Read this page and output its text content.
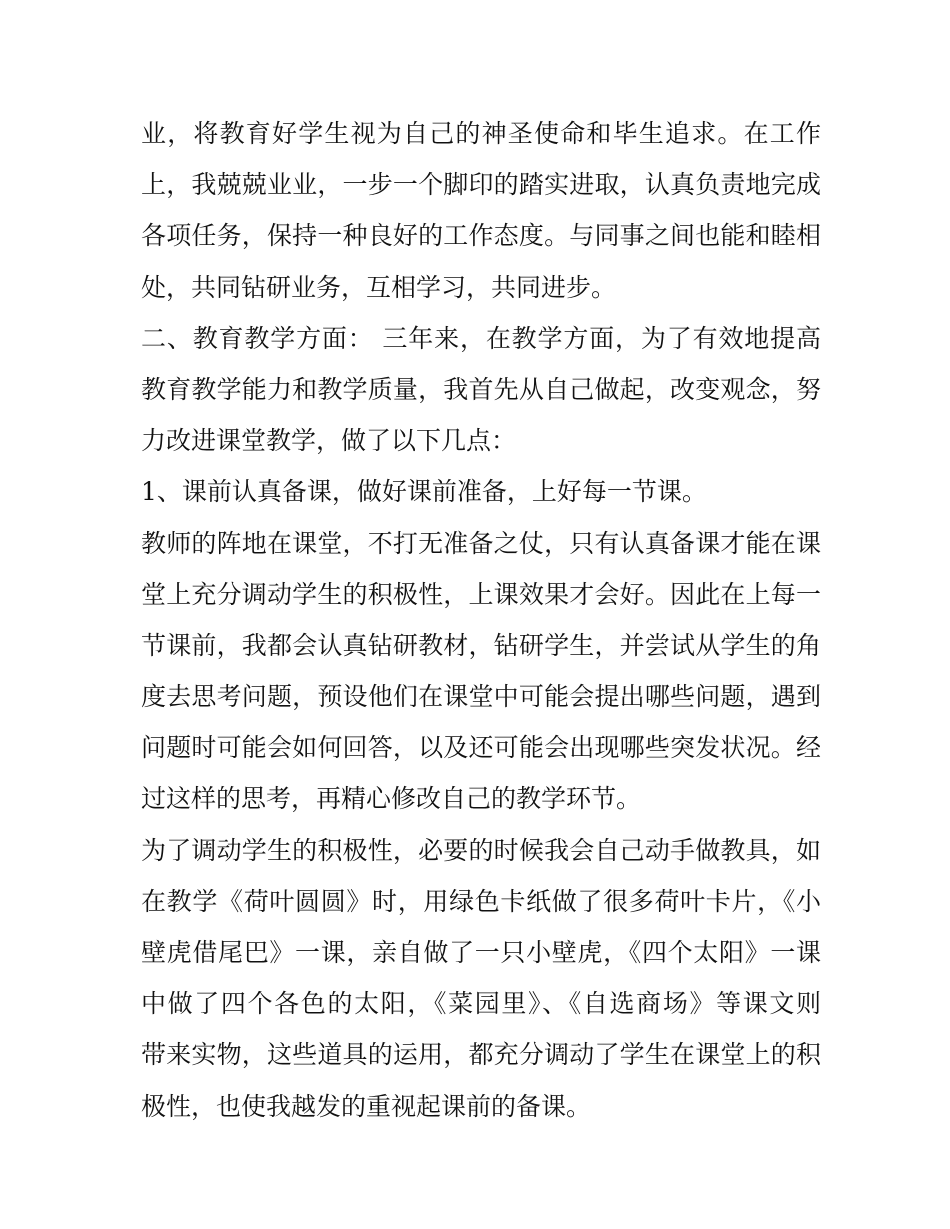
业，将教育好学生视为自己的神圣使命和毕生追求。在工作
上，我兢兢业业，一步一个脚印的踏实进取，认真负责地完成
各项任务，保持一种良好的工作态度。与同事之间也能和睦相
处，共同钻研业务，互相学习，共同进步。
二、教育教学方面： 三年来，在教学方面，为了有效地提高
教育教学能力和教学质量，我首先从自己做起，改变观念，努
力改进课堂教学，做了以下几点：
1、课前认真备课，做好课前准备，上好每一节课。
教师的阵地在课堂，不打无准备之仗，只有认真备课才能在课
堂上充分调动学生的积极性，上课效果才会好。因此在上每一
节课前，我都会认真钻研教材，钻研学生，并尝试从学生的角
度去思考问题，预设他们在课堂中可能会提出哪些问题，遇到
问题时可能会如何回答，以及还可能会出现哪些突发状况。经
过这样的思考，再精心修改自己的教学环节。
为了调动学生的积极性，必要的时候我会自己动手做教具，如
在教学《荷叶圆圆》时，用绿色卡纸做了很多荷叶卡片，《小
壁虎借尾巴》一课，亲自做了一只小壁虎，《四个太阳》一课
中做了四个各色的太阳，《菜园里》、《自选商场》等课文则
带来实物，这些道具的运用，都充分调动了学生在课堂上的积
极性，也使我越发的重视起课前的备课。
